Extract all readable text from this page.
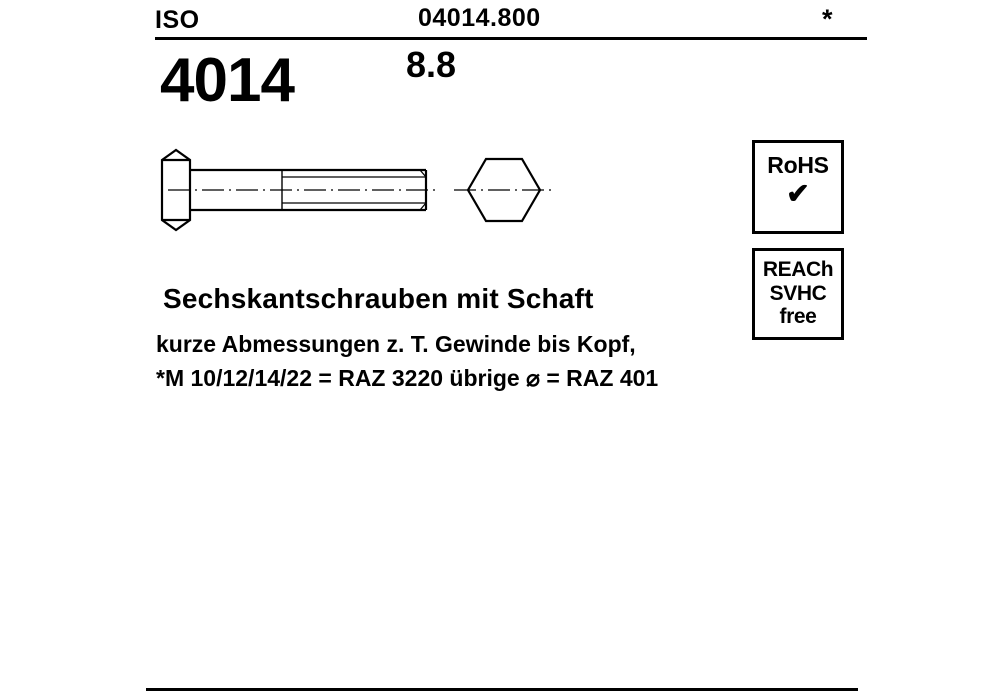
ISO	04014.800	*
4014	8.8
Sechskantschrauben mit Schaft
kurze Abmessungen z. T. Gewinde bis Kopf,
*M 10/12/14/22 = RAZ 3220 übrige ⌀ = RAZ 401
RoHS
✔
REACh
SVHC
free
